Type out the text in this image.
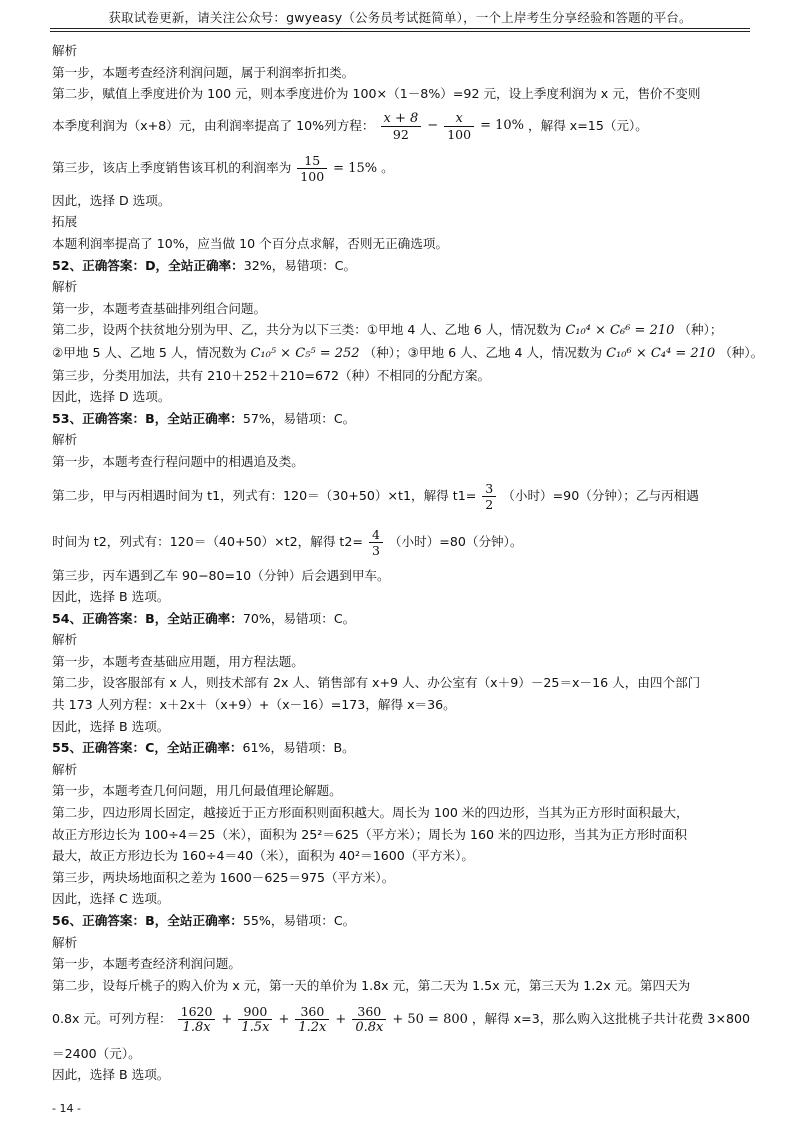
获取试卷更新，请关注公众号：gwyeasy（公务员考试挺简单），一个上岸考生分享经验和答题的平台。
解析
第一步，本题考查经济利润问题，属于利润率折扣类。
第二步，赋值上季度进价为 100 元，则本季度进价为 100×（1－8%）=92 元，设上季度利润为 x 元，售价不变则
本季度利润为（x+8）元，由利润率提高了 10%列方程： $\frac{x + 8}{92} - \frac{x}{100} = 10\%$ ，解得 x=15（元）。
第三步，该店上季度销售该耳机的利润率为 $\frac{15}{100} = 15\%$ 。
因此，选择 D 选项。
拓展
本题利润率提高了 10%，应当做 10 个百分点求解，否则无正确选项。
52、正确答案：D，全站正确率：32%，易错项：C。
解析
第一步，本题考查基础排列组合问题。
第二步，设两个扶贫地分别为甲、乙，共分为以下三类：①甲地 4 人、乙地 6 人，情况数为 C₁₀⁴ × C₆⁶ = 210 （种）；
②甲地 5 人、乙地 5 人，情况数为 C₁₀⁵ × C₅⁵ = 252 （种）；③甲地 6 人、乙地 4 人，情况数为 C₁₀⁶ × C₄⁴ = 210 （种）。
第三步，分类用加法，共有 210＋252＋210=672（种）不相同的分配方案。
因此，选择 D 选项。
53、正确答案：B，全站正确率：57%，易错项：C。
解析
第一步，本题考查行程问题中的相遇追及类。
第二步，甲与丙相遇时间为 t1，列式有：120＝（30+50）×t1，解得 $t1= \frac{3}{2}$ （小时）=90（分钟）；乙与丙相遇
时间为 t2，列式有：120＝（40+50）×t2，解得 $t2= \frac{4}{3}$ （小时）=80（分钟）。
第三步，丙车遇到乙车 90−80=10（分钟）后会遇到甲车。
因此，选择 B 选项。
54、正确答案：B，全站正确率：70%，易错项：C。
解析
第一步，本题考查基础应用题，用方程法题。
第二步，设客服部有 x 人，则技术部有 2x 人、销售部有 x+9 人、办公室有（x＋9）－25＝x－16 人，由四个部门
共 173 人列方程：x＋2x＋（x+9）+（x－16）=173，解得 x＝36。
因此，选择 B 选项。
55、正确答案：C，全站正确率：61%，易错项：B。
解析
第一步，本题考查几何问题，用几何最值理论解题。
第二步，四边形周长固定，越接近于正方形面积则面积越大。周长为 100 米的四边形，当其为正方形时面积最大，
故正方形边长为 100÷4＝25（米），面积为 25²＝625（平方米）；周长为 160 米的四边形，当其为正方形时面积
最大，故正方形边长为 160÷4＝40（米），面积为 40²＝1600（平方米）。
第三步，两块场地面积之差为 1600－625＝975（平方米）。
因此，选择 C 选项。
56、正确答案：B，全站正确率：55%，易错项：C。
解析
第一步，本题考查经济利润问题。
第二步，设每斤桃子的购入价为 x 元，第一天的单价为 1.8x 元，第二天为 1.5x 元，第三天为 1.2x 元。第四天为
0.8x 元。可列方程： $\frac{1620}{1.8x} + \frac{900}{1.5x} + \frac{360}{1.2x} + \frac{360}{0.8x} + 50 = 800$ ，解得 x=3，那么购入这批桃子共计花费 3×800
＝2400（元）。
因此，选择 B 选项。
- 14 -
